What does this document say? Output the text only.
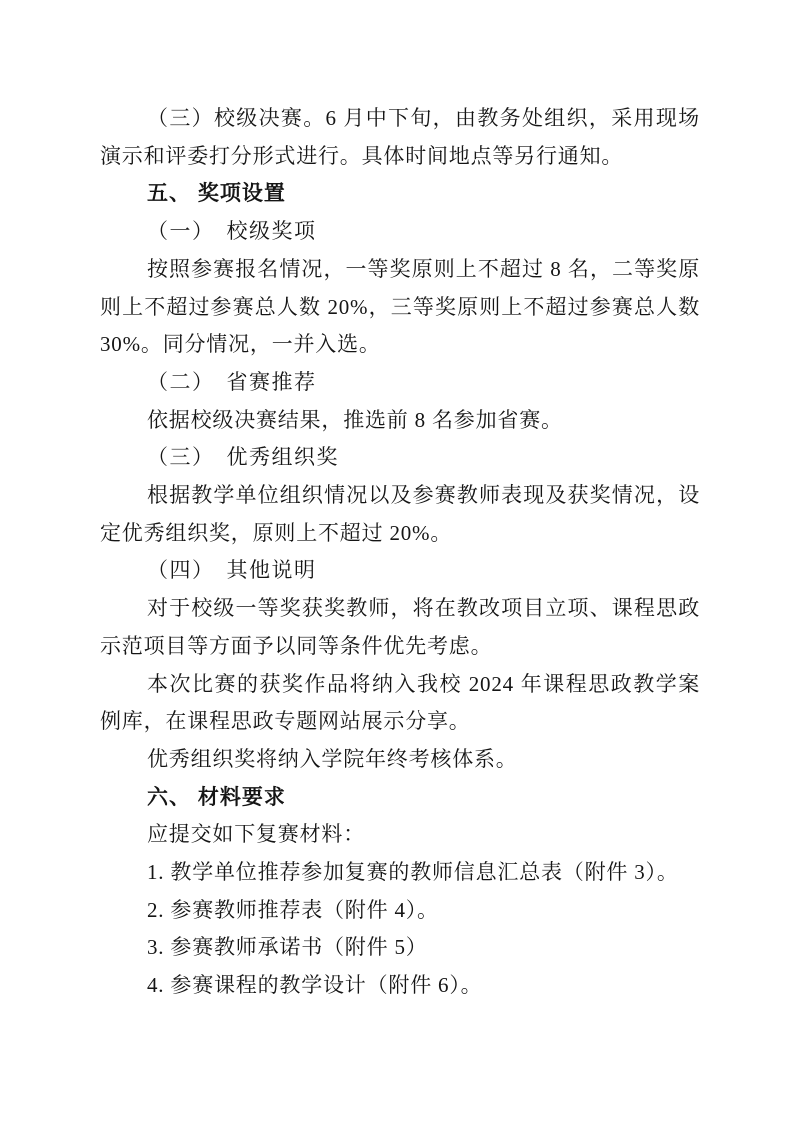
（三）校级决赛。6 月中下旬，由教务处组织，采用现场演示和评委打分形式进行。具体时间地点等另行通知。

五、 奖项设置

（一）　校级奖项

按照参赛报名情况，一等奖原则上不超过 8 名，二等奖原则上不超过参赛总人数 20%，三等奖原则上不超过参赛总人数 30%。同分情况，一并入选。

（二）　省赛推荐

依据校级决赛结果，推选前 8 名参加省赛。

（三）　优秀组织奖

根据教学单位组织情况以及参赛教师表现及获奖情况，设定优秀组织奖，原则上不超过 20%。

（四）　其他说明

对于校级一等奖获奖教师，将在教改项目立项、课程思政示范项目等方面予以同等条件优先考虑。

本次比赛的获奖作品将纳入我校 2024 年课程思政教学案例库，在课程思政专题网站展示分享。

优秀组织奖将纳入学院年终考核体系。

六、 材料要求

应提交如下复赛材料：

1. 教学单位推荐参加复赛的教师信息汇总表（附件 3）。

2. 参赛教师推荐表（附件 4）。

3. 参赛教师承诺书（附件 5）

4. 参赛课程的教学设计（附件 6）。
